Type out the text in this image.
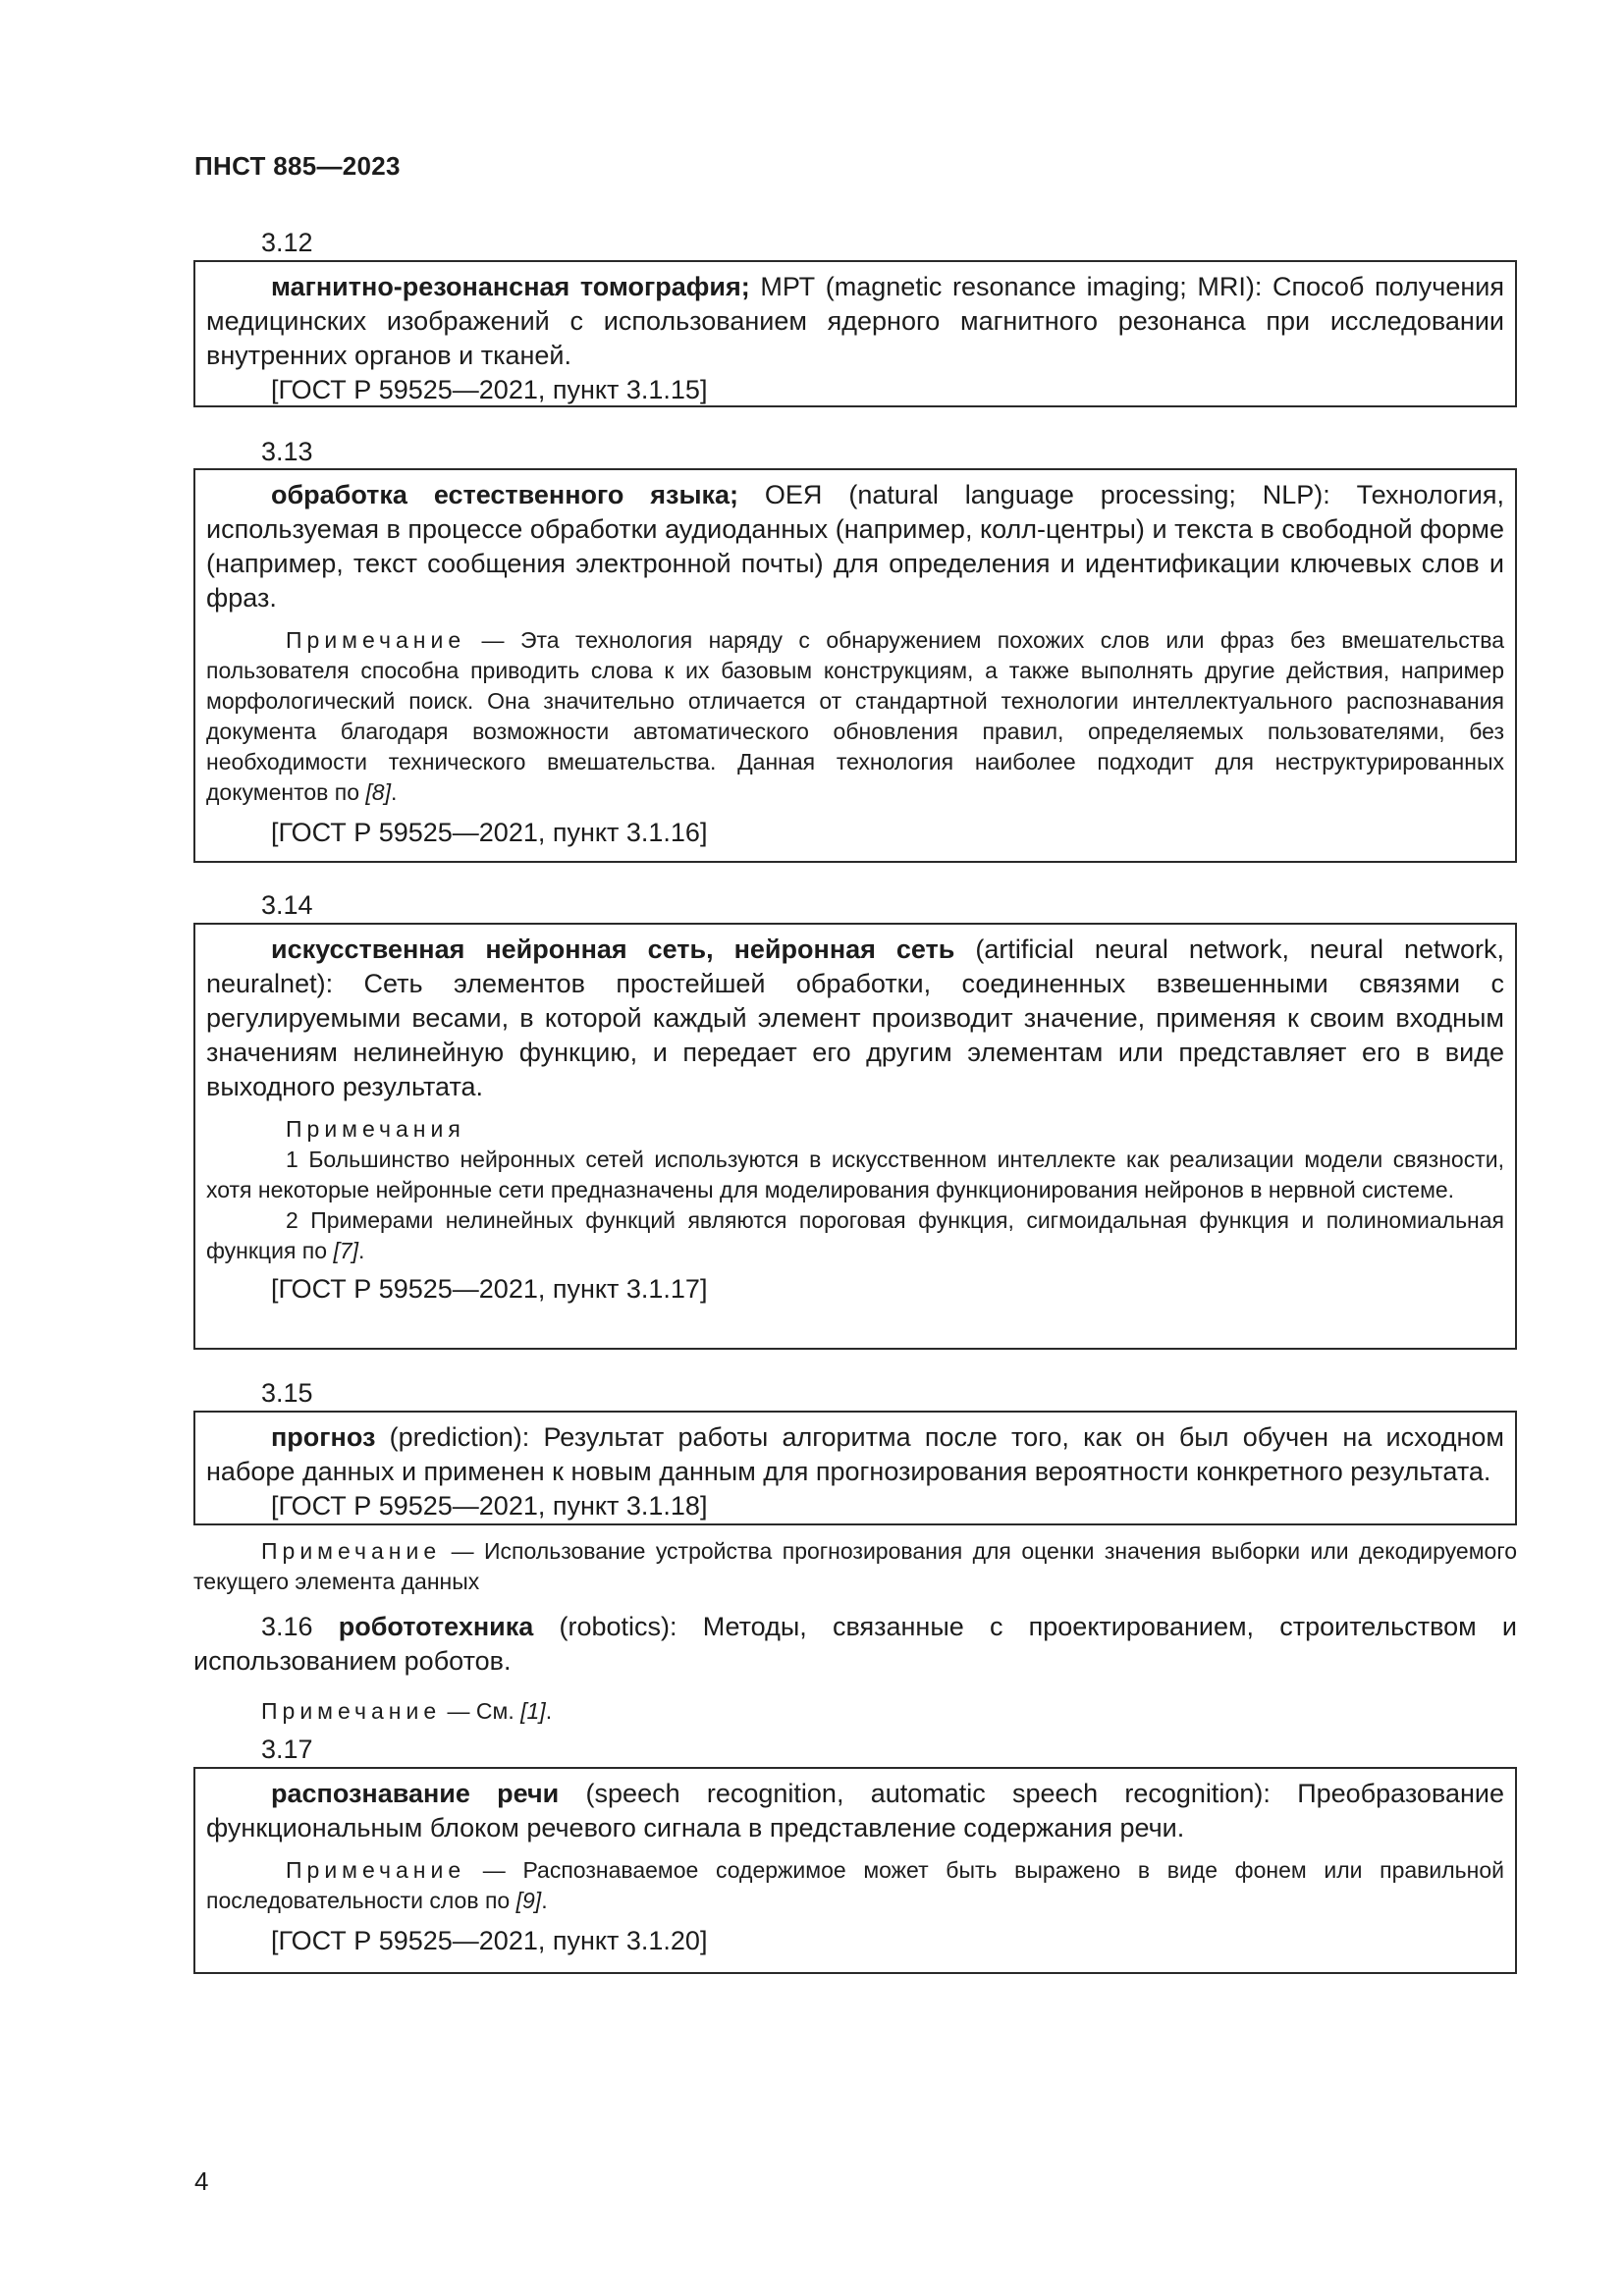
ПНСТ 885—2023
3.12

магнитно-резонансная томография; МРТ (magnetic resonance imaging; MRI): Способ получения медицинских изображений с использованием ядерного магнитного резонанса при исследовании внутренних органов и тканей.

[ГОСТ Р 59525—2021, пункт 3.1.15]

3.13

обработка естественного языка; ОЕЯ (natural language processing; NLP): Технология, используемая в процессе обработки аудиоданных (например, колл-центры) и текста в свободной форме (например, текст сообщения электронной почты) для определения и идентификации ключевых слов и фраз.

Примечание — Эта технология наряду с обнаружением похожих слов или фраз без вмешательства пользователя способна приводить слова к их базовым конструкциям, а также выполнять другие действия, например морфологический поиск. Она значительно отличается от стандартной технологии интеллектуального распознавания документа благодаря возможности автоматического обновления правил, определяемых пользователями, без необходимости технического вмешательства. Данная технология наиболее подходит для неструктурированных документов по [8].

[ГОСТ Р 59525—2021, пункт 3.1.16]

3.14

искусственная нейронная сеть, нейронная сеть (artificial neural network, neural network, neuralnet): Сеть элементов простейшей обработки, соединенных взвешенными связями с регулируемыми весами, в которой каждый элемент производит значение, применяя к своим входным значениям нелинейную функцию, и передает его другим элементам или представляет его в виде выходного результата.

Примечания

1 Большинство нейронных сетей используются в искусственном интеллекте как реализации модели связности, хотя некоторые нейронные сети предназначены для моделирования функционирования нейронов в нервной системе.

2 Примерами нелинейных функций являются пороговая функция, сигмоидальная функция и полиномиальная функция по [7].

[ГОСТ Р 59525—2021, пункт 3.1.17]

3.15

прогноз (prediction): Результат работы алгоритма после того, как он был обучен на исходном наборе данных и применен к новым данным для прогнозирования вероятности конкретного результата.

[ГОСТ Р 59525—2021, пункт 3.1.18]

Примечание — Использование устройства прогнозирования для оценки значения выборки или декодируемого текущего элемента данных

3.16 робототехника (robotics): Методы, связанные с проектированием, строительством и использованием роботов.

Примечание — См. [1].

3.17

распознавание речи (speech recognition, automatic speech recognition): Преобразование функциональным блоком речевого сигнала в представление содержания речи.

Примечание — Распознаваемое содержимое может быть выражено в виде фонем или правильной последовательности слов по [9].

[ГОСТ Р 59525—2021, пункт 3.1.20]

4
